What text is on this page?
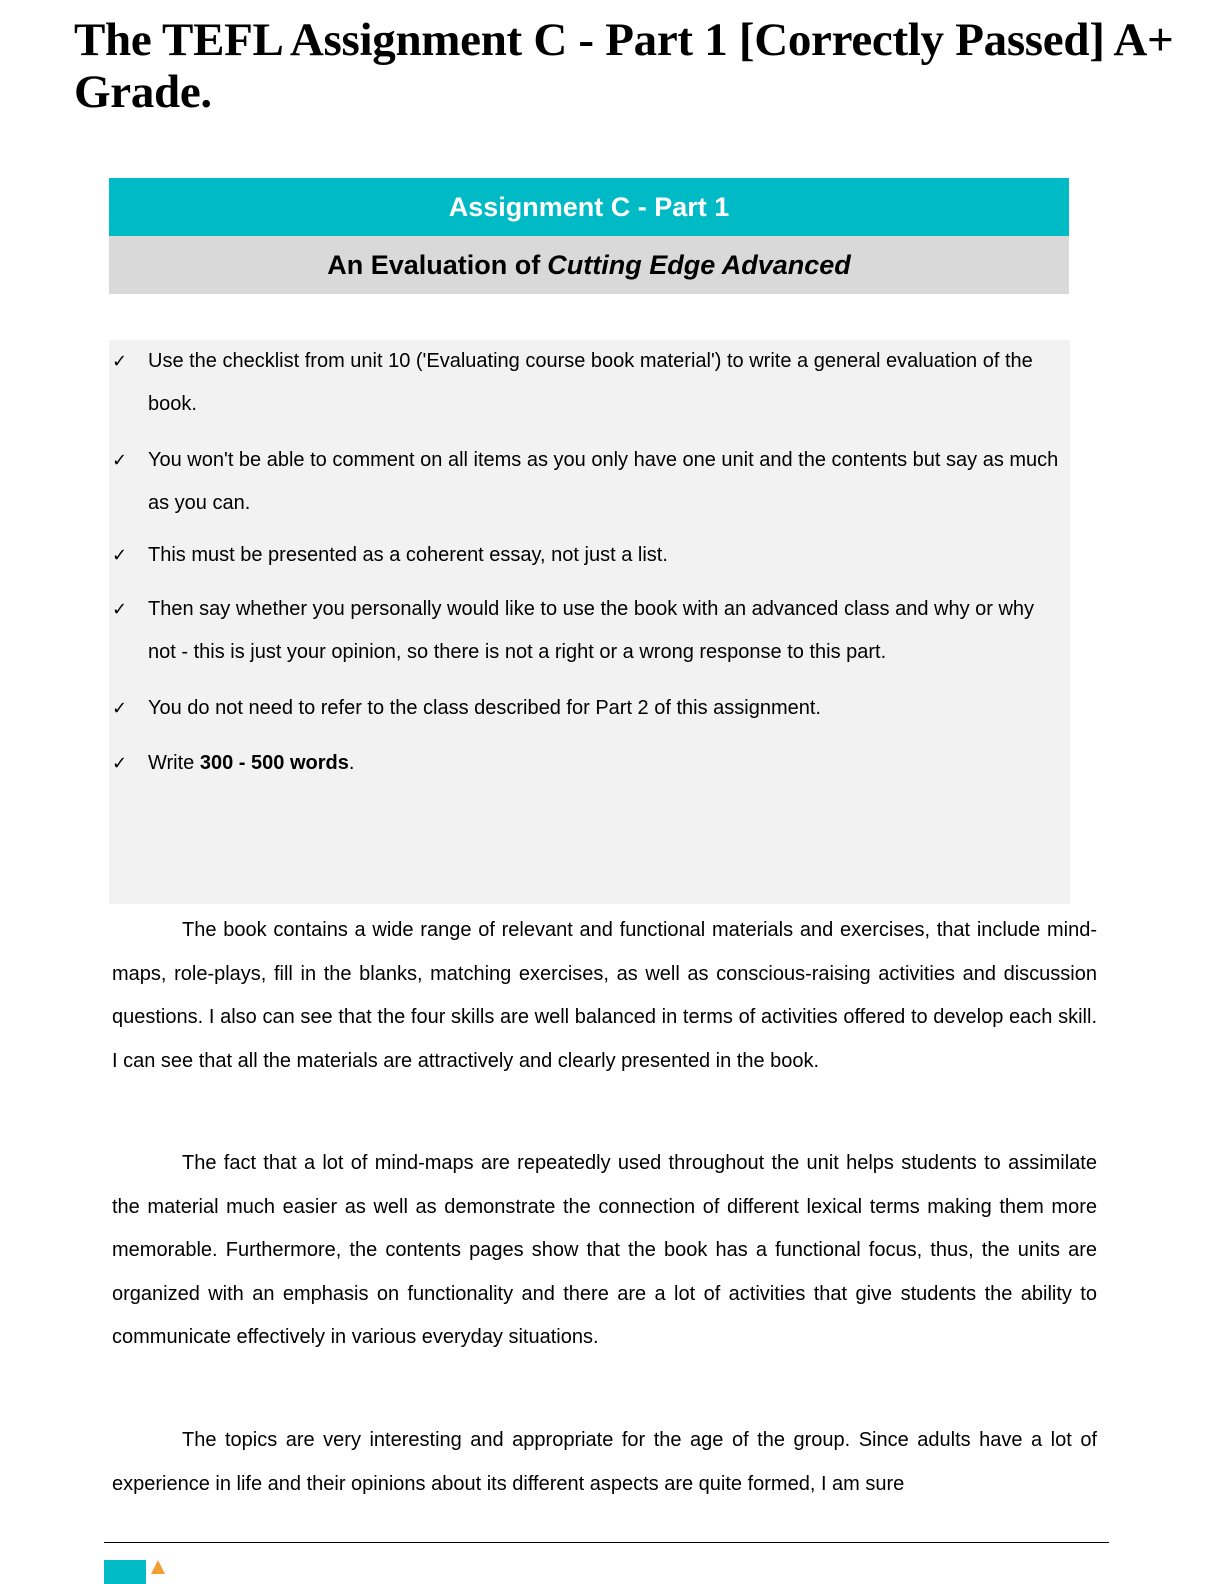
The TEFL Assignment C - Part 1 [Correctly Passed] A+ Grade.
Assignment C - Part 1
An Evaluation of Cutting Edge Advanced
✓	Use the checklist from unit 10 ('Evaluating course book material') to write a general evaluation of the book.
✓	You won't be able to comment on all items as you only have one unit and the contents but say as much as you can.
✓	This must be presented as a coherent essay, not just a list.
✓	Then say whether you personally would like to use the book with an advanced class and why or why not - this is just your opinion, so there is not a right or a wrong response to this part.
✓	You do not need to refer to the class described for Part 2 of this assignment.
✓	Write 300 - 500 words.

The book contains a wide range of relevant and functional materials and exercises, that include mind-maps, role-plays, fill in the blanks, matching exercises, as well as conscious-raising activities and discussion questions. I also can see that the four skills are well balanced in terms of activities offered to develop each skill. I can see that all the materials are attractively and clearly presented in the book.

The fact that a lot of mind-maps are repeatedly used throughout the unit helps students to assimilate the material much easier as well as demonstrate the connection of different lexical terms making them more memorable. Furthermore, the contents pages show that the book has a functional focus, thus, the units are organized with an emphasis on functionality and there are a lot of activities that give students the ability to communicate effectively in various everyday situations.

The topics are very interesting and appropriate for the age of the group. Since adults have a lot of experience in life and their opinions about its different aspects are quite formed, I am sure
